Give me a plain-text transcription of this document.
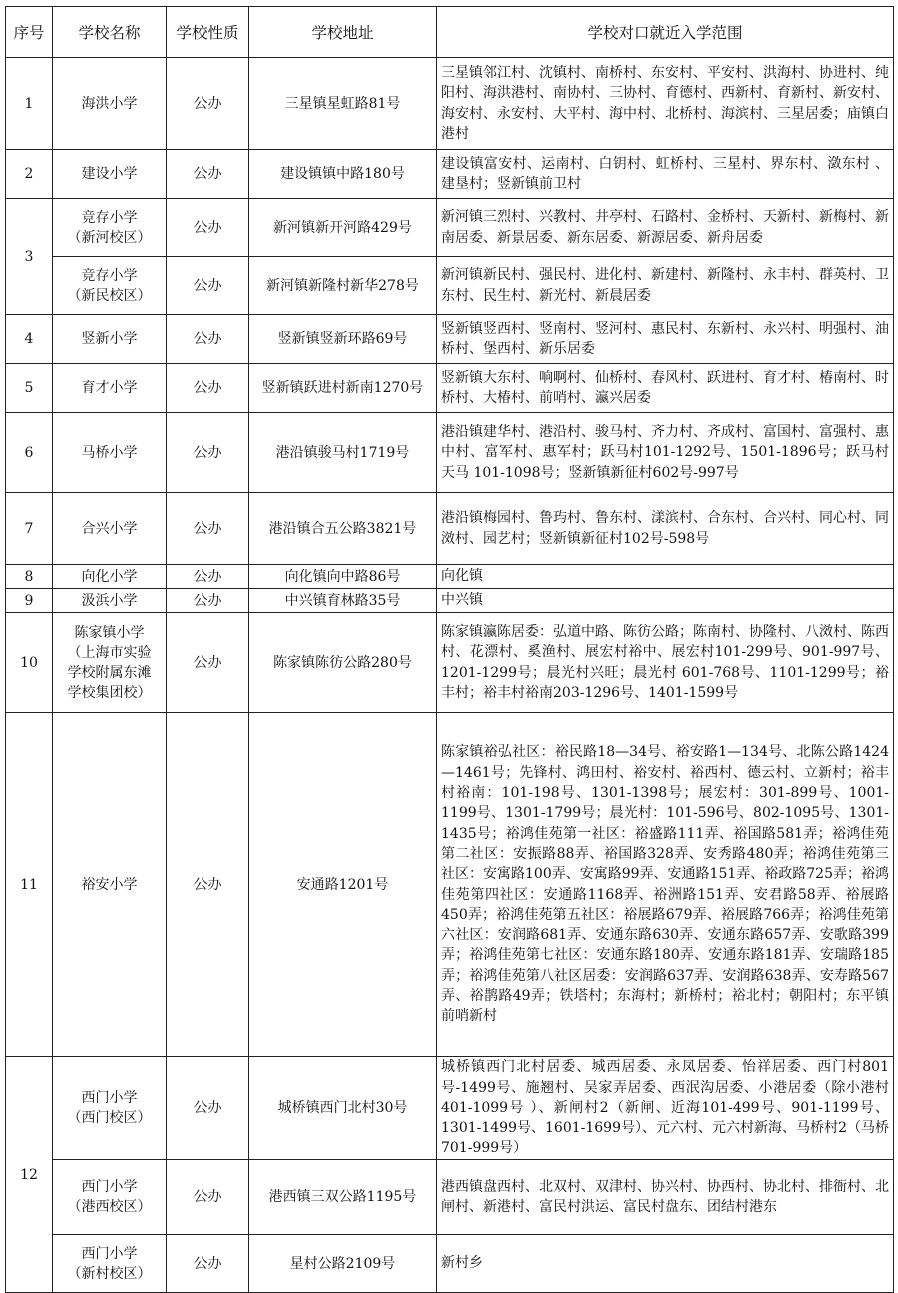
序号	学校名称	学校性质	学校地址	学校对口就近入学范围
1	海洪小学	公办	三星镇星虹路81号	三星镇邻江村、沈镇村、南桥村、东安村、平安村、洪海村、协进村、纯阳村、海洪港村、南协村、三协村、育德村、西新村、育新村、新安村、海安村、永安村、大平村、海中村、北桥村、海滨村、三星居委；庙镇白港村
2	建设小学	公办	建设镇镇中路180号	建设镇富安村、运南村、白钥村、虹桥村、三星村、界东村、潋东村 、建垦村；竖新镇前卫村
3	竞存小学
（新河校区）	公办	新河镇新开河路429号	新河镇三烈村、兴教村、井亭村、石路村、金桥村、天新村、新梅村、新南居委、新景居委、新东居委、新源居委、新舟居委

	竞存小学
（新民校区）	公办	新河镇新隆村新华278号	新河镇新民村、强民村、进化村、新建村、新隆村、永丰村、群英村、卫东村、民生村、新光村、新晨居委
4	竖新小学	公办	竖新镇竖新环路69号	竖新镇竖西村、竖南村、竖河村、惠民村、东新村、永兴村、明强村、油桥村、堡西村、新乐居委
5	育才小学	公办	竖新镇跃进村新南1270号	竖新镇大东村、响啊村、仙桥村、春风村、跃进村、育才村、椿南村、时桥村、大椿村、前哨村、瀛兴居委
6	马桥小学	公办	港沿镇骏马村1719号	港沿镇建华村、港沿村、骏马村、齐力村、齐成村、富国村、富强村、惠中村、富军村、惠军村；跃马村101-1292号、1501-1896号；跃马村天马 101-1098号；竖新镇新征村602号-997号
7	合兴小学	公办	港沿镇合五公路3821号	港沿镇梅园村、鲁玙村、鲁东村、漾滨村、合东村、合兴村、同心村、同滧村、园艺村；竖新镇新征村102号-598号
8	向化小学	公办	向化镇向中路86号	向化镇
9	汲浜小学	公办	中兴镇育林路35号	中兴镇
10	陈家镇小学
（上海市实验
学校附属东滩
学校集团校）	公办	陈家镇陈彷公路280号	陈家镇瀛陈居委：弘道中路、陈彷公路；陈南村、协隆村、八滧村、陈西村、花漂村、奚渔村、展宏村裕中、展宏村101-299号、901-997号、1201-1299号；晨光村兴旺；晨光村 601-768号、1101-1299号；裕丰村；裕丰村裕南203-1296号、1401-1599号
11	裕安小学	公办	安通路1201号	陈家镇裕弘社区：裕民路18—34号、裕安路1—134号、北陈公路1424—1461号；先锋村、鸿田村、裕安村、裕西村、德云村、立新村；裕丰村裕南：101-198号、1301-1398号；展宏村：301-899号、1001-1199号、1301-1799号；晨光村：101-596号、802-1095号、1301-1435号；裕鸿佳苑第一社区：裕盛路111弄、裕国路581弄；裕鸿佳苑第二社区：安振路88弄、裕国路328弄、安秀路480弄；裕鸿佳苑第三社区：安寓路100弄、安寓路99弄、安通路151弄、裕政路725弄；裕鸿佳苑第四社区：安通路1168弄、裕洲路151弄、安君路58弄、裕展路450弄；裕鸿佳苑第五社区：裕展路679弄、裕展路766弄；裕鸿佳苑第六社区：安润路681弄、安通东路630弄、安通东路657弄、安歌路399弄；裕鸿佳苑第七社区：安通东路180弄、安通东路181弄、安瑞路185弄；裕鸿佳苑第八社区居委：安润路637弄、安润路638弄、安寿路567弄、裕鹊路49弄；铁塔村；东海村；新桥村；裕北村；朝阳村；东平镇前哨新村
12	西门小学
（西门校区）	公办	城桥镇西门北村30号	城桥镇西门北村居委、城西居委、永凤居委、怡祥居委、西门村801号-1499号、施翘村、吴家弄居委、西泯沟居委、小港居委（除小港村401-1099号 ）、新闸村2（新闸、近海101-499号、901-1199号、1301-1499号、1601-1699号）、元六村、元六村新海、马桥村2（马桥701-999号）

	西门小学
（港西校区）	公办	港西镇三双公路1195号	港西镇盘西村、北双村、双津村、协兴村、协西村、协北村、排衙村、北闸村、新港村、富民村洪运、富民村盘东、团结村港东

	西门小学
（新村校区）	公办	星村公路2109号	新村乡
